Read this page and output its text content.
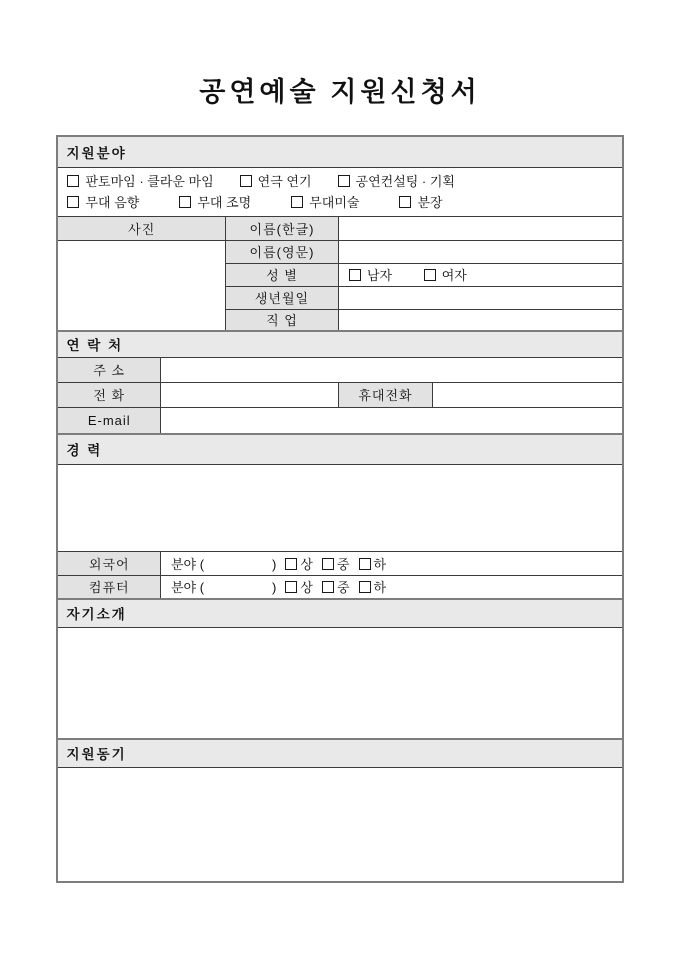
공연예술 지원신청서
지원분야				

판토마임 · 클라운 마임	연극 연기	공연컨설팅 · 기획
무대 음향	무대 조명	무대미술	분장

사진		이름(한글)		
		이름(영문)		
		성 별	남자 여자	
		생년월일		
		직 업		
연 락 처				
주 소				
전 화			휴대전화	
E-mail				
경 력				

외국어	분야 ( ) 상 중 하			
컴퓨터	분야 ( ) 상 중 하			
자기소개				

지원동기				
